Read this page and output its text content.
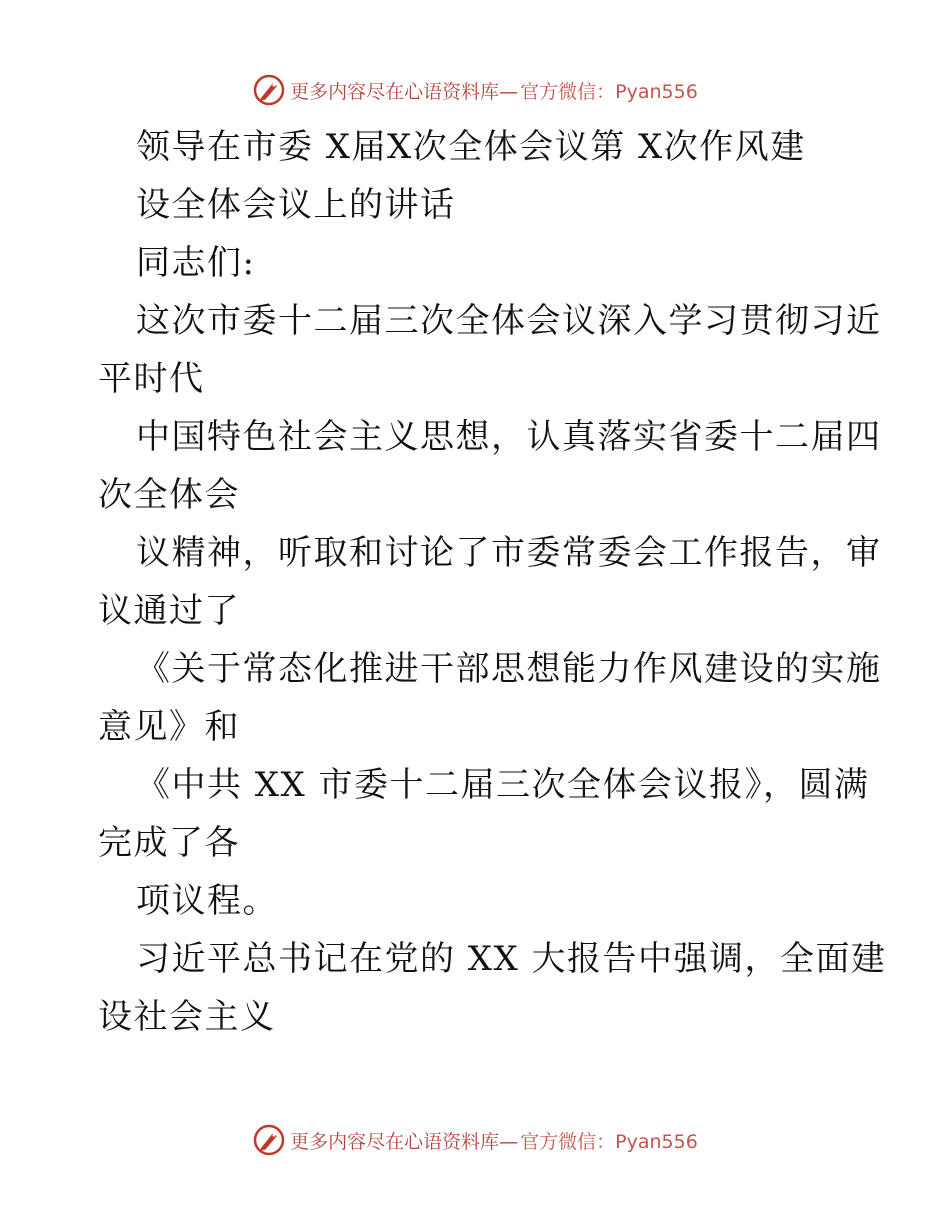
更多内容尽在心语资料库— 官方微信：Pyan556
领导在市委 X届X次全体会议第 X次作风建
设全体会议上的讲话
同志们:
这次市委十二届三次全体会议深入学习贯彻习近
平时代
中国特色社会主义思想，认真落实省委十二届四
次全体会
议精神，听取和讨论了市委常委会工作报告，审
议通过了
《关于常态化推进干部思想能力作风建设的实施
意见》和
《中共 XX 市委十二届三次全体会议报》，圆满
完成了各
项议程。
习近平总书记在党的 XX 大报告中强调，全面建
设社会主义
更多内容尽在心语资料库— 官方微信：Pyan556
